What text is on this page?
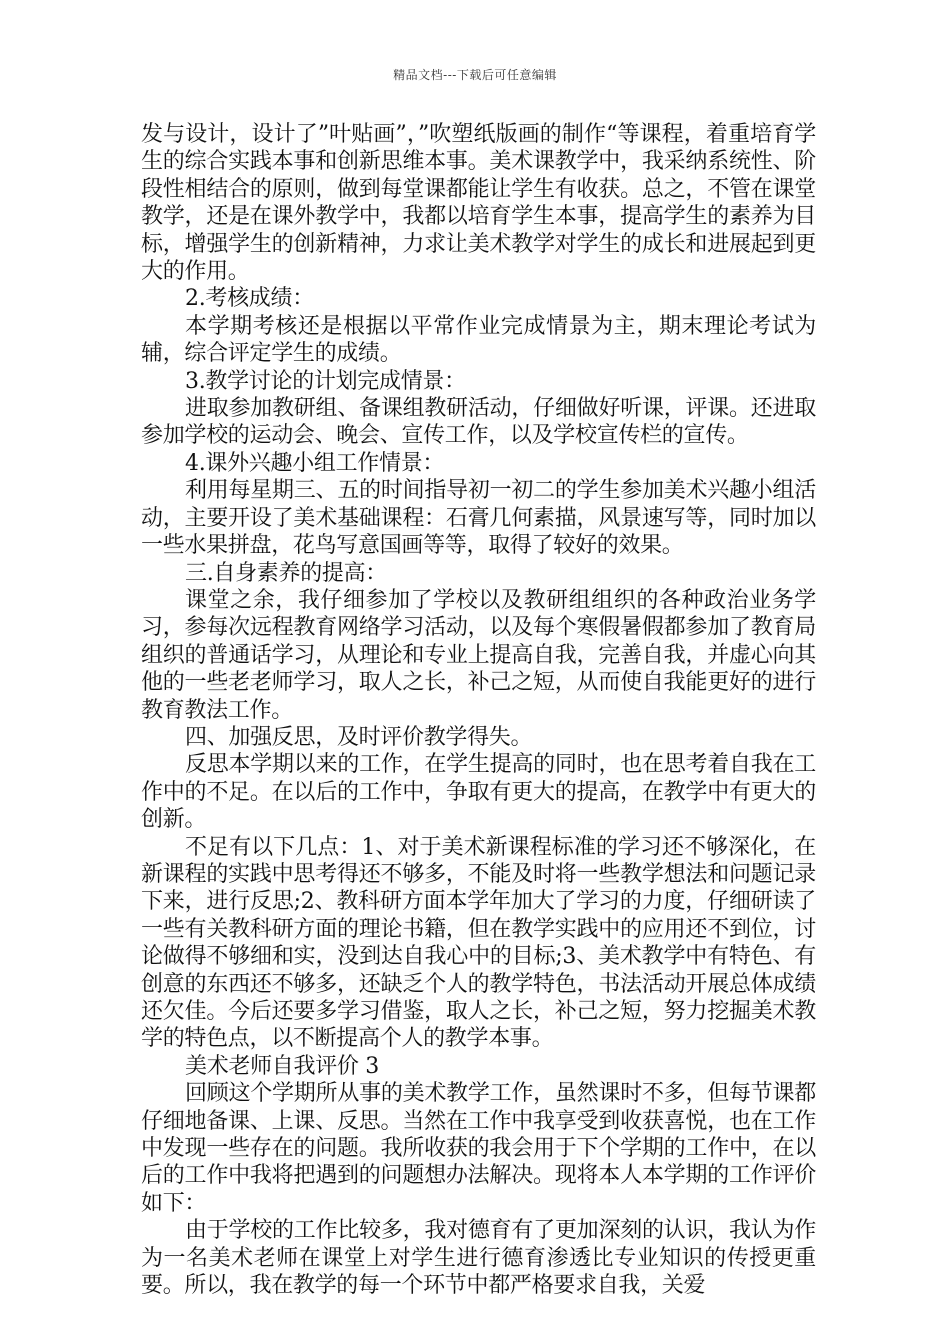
精品文档---下载后可任意编辑

发与设计，设计了”叶贴画”，”吹塑纸版画的制作“等课程，着重培育学生的综合实践本事和创新思维本事。美术课教学中，我采纳系统性、阶段性相结合的原则，做到每堂课都能让学生有收获。总之，不管在课堂教学，还是在课外教学中，我都以培育学生本事，提高学生的素养为目标，增强学生的创新精神，力求让美术教学对学生的成长和进展起到更大的作用。

2.考核成绩：

本学期考核还是根据以平常作业完成情景为主，期末理论考试为辅，综合评定学生的成绩。

3.教学讨论的计划完成情景：

进取参加教研组、备课组教研活动，仔细做好听课，评课。还进取参加学校的运动会、晚会、宣传工作，以及学校宣传栏的宣传。

4.课外兴趣小组工作情景：

利用每星期三、五的时间指导初一初二的学生参加美术兴趣小组活动，主要开设了美术基础课程：石膏几何素描，风景速写等，同时加以一些水果拼盘，花鸟写意国画等等，取得了较好的效果。

三.自身素养的提高：

课堂之余，我仔细参加了学校以及教研组组织的各种政治业务学习，参每次远程教育网络学习活动，以及每个寒假暑假都参加了教育局组织的普通话学习，从理论和专业上提高自我，完善自我，并虚心向其他的一些老老师学习，取人之长，补己之短，从而使自我能更好的进行教育教法工作。

四、加强反思，及时评价教学得失。

反思本学期以来的工作，在学生提高的同时，也在思考着自我在工作中的不足。在以后的工作中，争取有更大的提高，在教学中有更大的创新。

不足有以下几点：1、对于美术新课程标准的学习还不够深化，在新课程的实践中思考得还不够多，不能及时将一些教学想法和问题记录下来，进行反思;2、教科研方面本学年加大了学习的力度，仔细研读了一些有关教科研方面的理论书籍，但在教学实践中的应用还不到位，讨论做得不够细和实，没到达自我心中的目标;3、美术教学中有特色、有创意的东西还不够多，还缺乏个人的教学特色，书法活动开展总体成绩还欠佳。今后还要多学习借鉴，取人之长，补己之短，努力挖掘美术教学的特色点，以不断提高个人的教学本事。

美术老师自我评价 3

回顾这个学期所从事的美术教学工作，虽然课时不多，但每节课都仔细地备课、上课、反思。当然在工作中我享受到收获喜悦，也在工作中发现一些存在的问题。我所收获的我会用于下个学期的工作中，在以后的工作中我将把遇到的问题想办法解决。现将本人本学期的工作评价如下：

由于学校的工作比较多，我对德育有了更加深刻的认识，我认为作为一名美术老师在课堂上对学生进行德育渗透比专业知识的传授更重要。所以，我在教学的每一个环节中都严格要求自我，关爱
